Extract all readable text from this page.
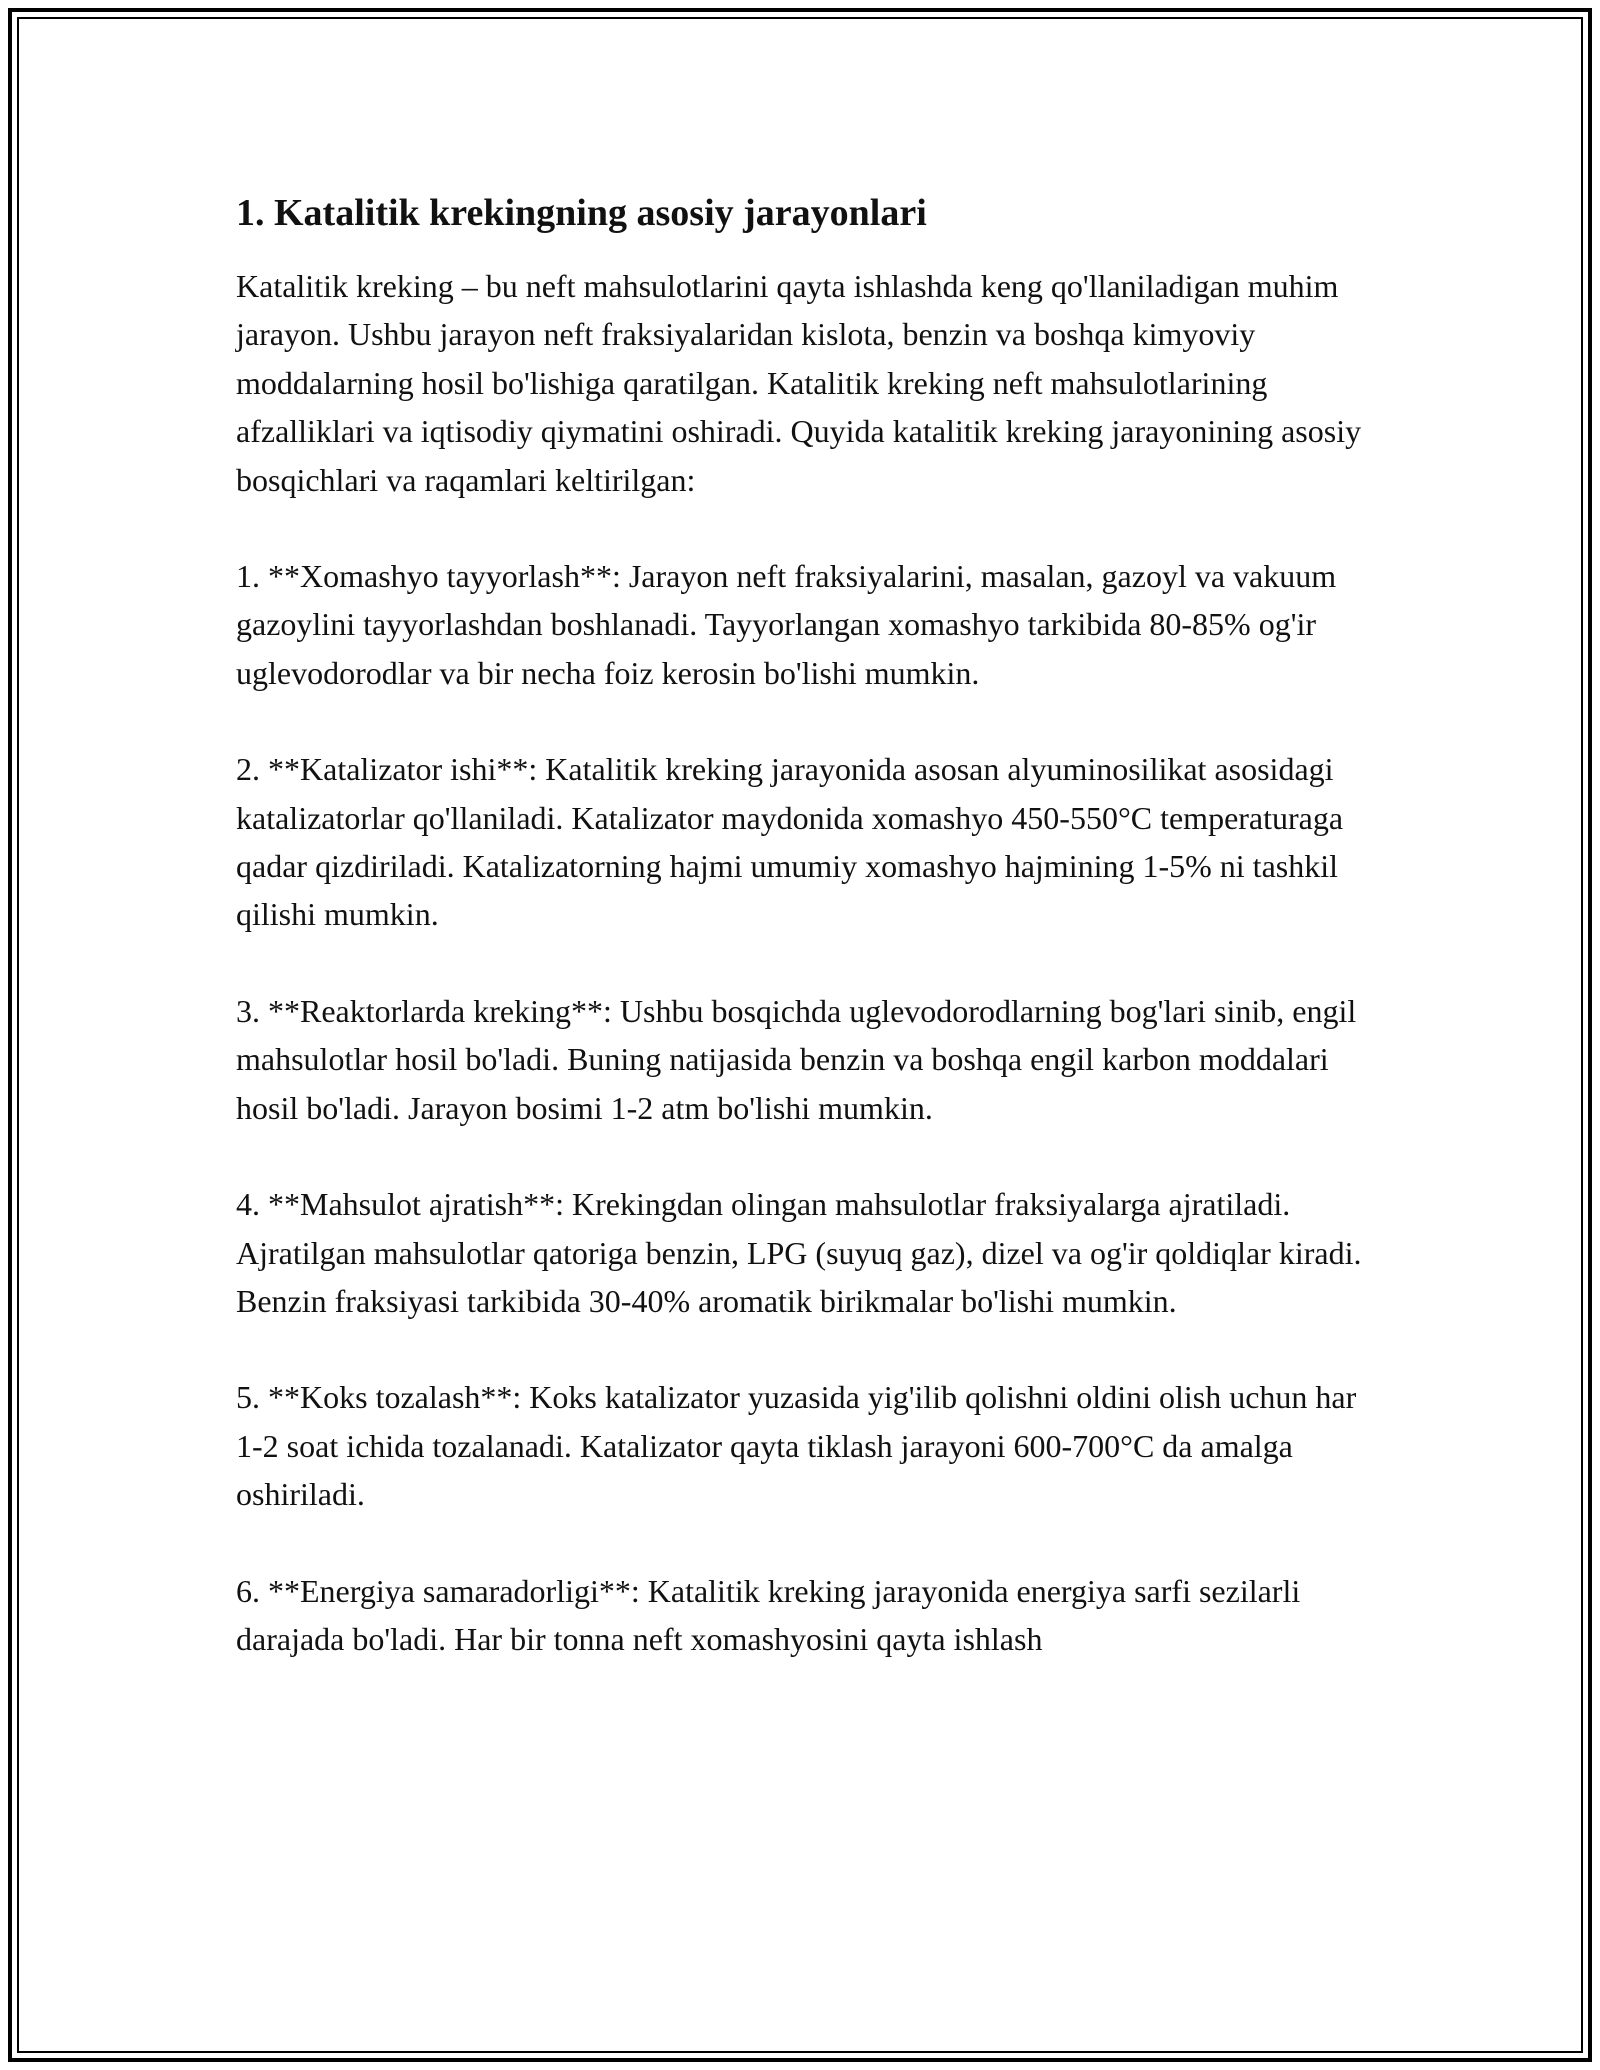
1. Katalitik krekingning asosiy jarayonlari

Katalitik kreking – bu neft mahsulotlarini qayta ishlashda keng qo'llaniladigan muhim jarayon. Ushbu jarayon neft fraksiyalaridan kislota, benzin va boshqa kimyoviy moddalarning hosil bo'lishiga qaratilgan. Katalitik kreking neft mahsulotlarining afzalliklari va iqtisodiy qiymatini oshiradi. Quyida katalitik kreking jarayonining asosiy bosqichlari va raqamlari keltirilgan:

1. **Xomashyo tayyorlash**: Jarayon neft fraksiyalarini, masalan, gazoyl va vakuum gazoylini tayyorlashdan boshlanadi. Tayyorlangan xomashyo tarkibida 80-85% og'ir uglevodorodlar va bir necha foiz kerosin bo'lishi mumkin.

2. **Katalizator ishi**: Katalitik kreking jarayonida asosan alyuminosilikat asosidagi katalizatorlar qo'llaniladi. Katalizator maydonida xomashyo 450-550°C temperaturaga qadar qizdiriladi. Katalizatorning hajmi umumiy xomashyo hajmining 1-5% ni tashkil qilishi mumkin.

3. **Reaktorlarda kreking**: Ushbu bosqichda uglevodorodlarning bog'lari sinib, engil mahsulotlar hosil bo'ladi. Buning natijasida benzin va boshqa engil karbon moddalari hosil bo'ladi. Jarayon bosimi 1-2 atm bo'lishi mumkin.

4. **Mahsulot ajratish**: Krekingdan olingan mahsulotlar fraksiyalarga ajratiladi. Ajratilgan mahsulotlar qatoriga benzin, LPG (suyuq gaz), dizel va og'ir qoldiqlar kiradi. Benzin fraksiyasi tarkibida 30-40% aromatik birikmalar bo'lishi mumkin.

5. **Koks tozalash**: Koks katalizator yuzasida yig'ilib qolishni oldini olish uchun har 1-2 soat ichida tozalanadi. Katalizator qayta tiklash jarayoni 600-700°C da amalga oshiriladi.

6. **Energiya samaradorligi**: Katalitik kreking jarayonida energiya sarfi sezilarli darajada bo'ladi. Har bir tonna neft xomashyosini qayta ishlash
